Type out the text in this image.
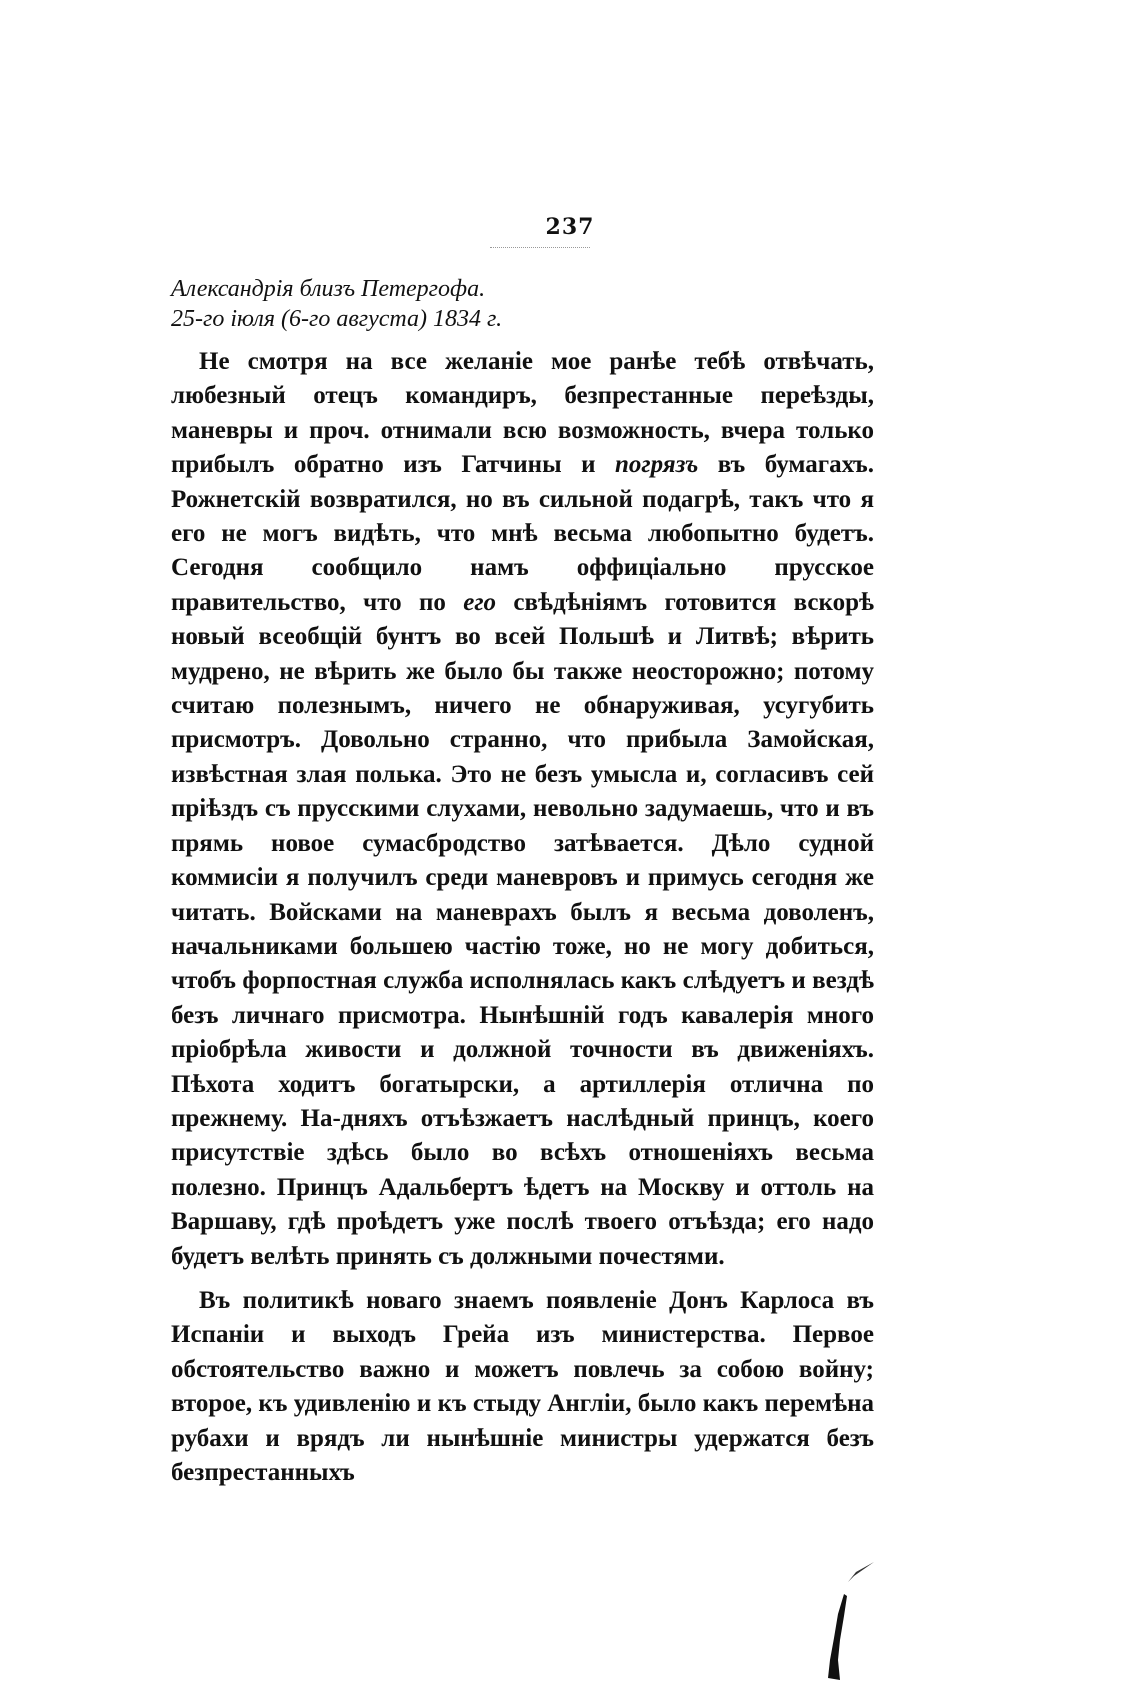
237
Александрія близъ Петергофа.
25-го іюля (6-го августа) 1834 г.

Не смотря на все желаніе мое ранѣе тебѣ отвѣчать, любезный отецъ командиръ, безпрестанные переѣзды, маневры и проч. отнимали всю возможность, вчера только прибылъ обратно изъ Гатчины и погрязъ въ бумагахъ. Рожнетскій возвратился, но въ сильной подагрѣ, такъ что я его не могъ видѣть, что мнѣ весьма любопытно будетъ. Сегодня сообщило намъ оффиціально прусское правительство, что по его свѣдѣніямъ готовится вскорѣ новый всеобщій бунтъ во всей Польшѣ и Литвѣ; вѣрить мудрено, не вѣрить же было бы также неосторожно; потому считаю полезнымъ, ничего не обнаруживая, усугубить присмотръ. Довольно странно, что прибыла Замойская, извѣстная злая полька. Это не безъ умысла и, согласивъ сей пріѣздъ съ прусскими слухами, невольно задумаешь, что и въ прямь новое сумасбродство затѣвается. Дѣло судной коммисіи я получилъ среди маневровъ и примусь сегодня же читать. Войсками на маневрахъ былъ я весьма доволенъ, начальниками большею частію тоже, но не могу добиться, чтобъ форпостная служба исполнялась какъ слѣдуетъ и вездѣ безъ личнаго присмотра. Нынѣшній годъ кавалерія много пріобрѣла живости и должной точности въ движеніяхъ. Пѣхота ходитъ богатырски, а артиллерія отлична по прежнему. На-дняхъ отъѣзжаетъ наслѣдный принцъ, коего присутствіе здѣсь было во всѣхъ отношеніяхъ весьма полезно. Принцъ Адальбертъ ѣдетъ на Москву и оттоль на Варшаву, гдѣ проѣдетъ уже послѣ твоего отъѣзда; его надо будетъ велѣть принять съ должными почестями.

Въ политикѣ новаго знаемъ появленіе Донъ Карлоса въ Испаніи и выходъ Грейа изъ министерства. Первое обстоятельство важно и можетъ повлечь за собою войну; второе, къ удивленію и къ стыду Англіи, было какъ перемѣна рубахи и врядъ ли нынѣшніе министры удержатся безъ безпрестанныхъ
